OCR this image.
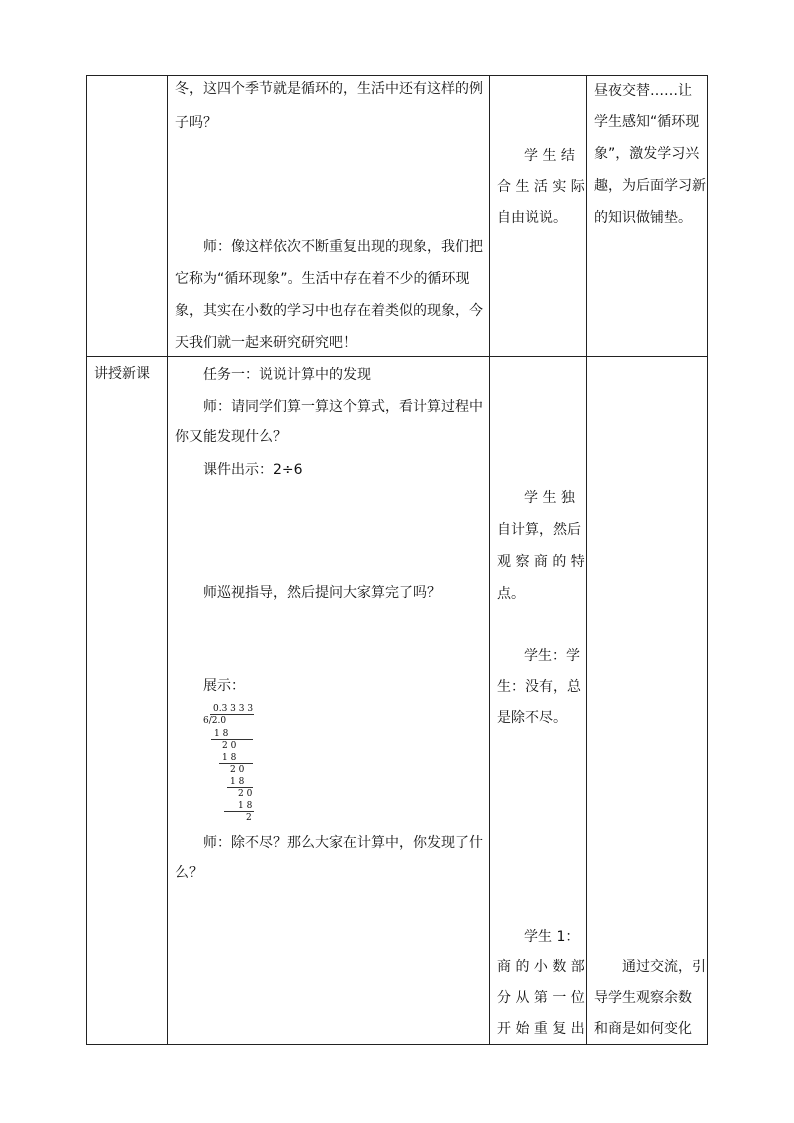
冬，这四个季节就是循环的，生活中还有这样的例
子吗？
师：像这样依次不断重复出现的现象，我们把
它称为“循环现象”。生活中存在着不少的循环现
象，其实在小数的学习中也存在着类似的现象，今
天我们就一起来研究研究吧！
学 生 结
合 生 活 实 际
自由说说。
昼夜交替……让
学生感知“循环现
象”，激发学习兴
趣，为后面学习新
的知识做铺垫。
讲授新课	任务一：说说计算中的发现
师：请同学们算一算这个算式，看计算过程中
你又能发现什么？
课件出示：2÷6
师巡视指导，然后提问大家算完了吗？
展示：
0.3 3 3 3
6/2.0
1 8
2 0
1 8
2 0
1 8
2 0
1 8
2
师：除不尽？那么大家在计算中，你发现了什
么？
学 生 独
自计算，然后
观 察 商 的 特
点。
学生：学
生：没有，总
是除不尽。
学生 1：
商 的 小 数 部
分 从 第 一 位
开 始 重 复 出
通过交流，引
导学生观察余数
和商是如何变化
